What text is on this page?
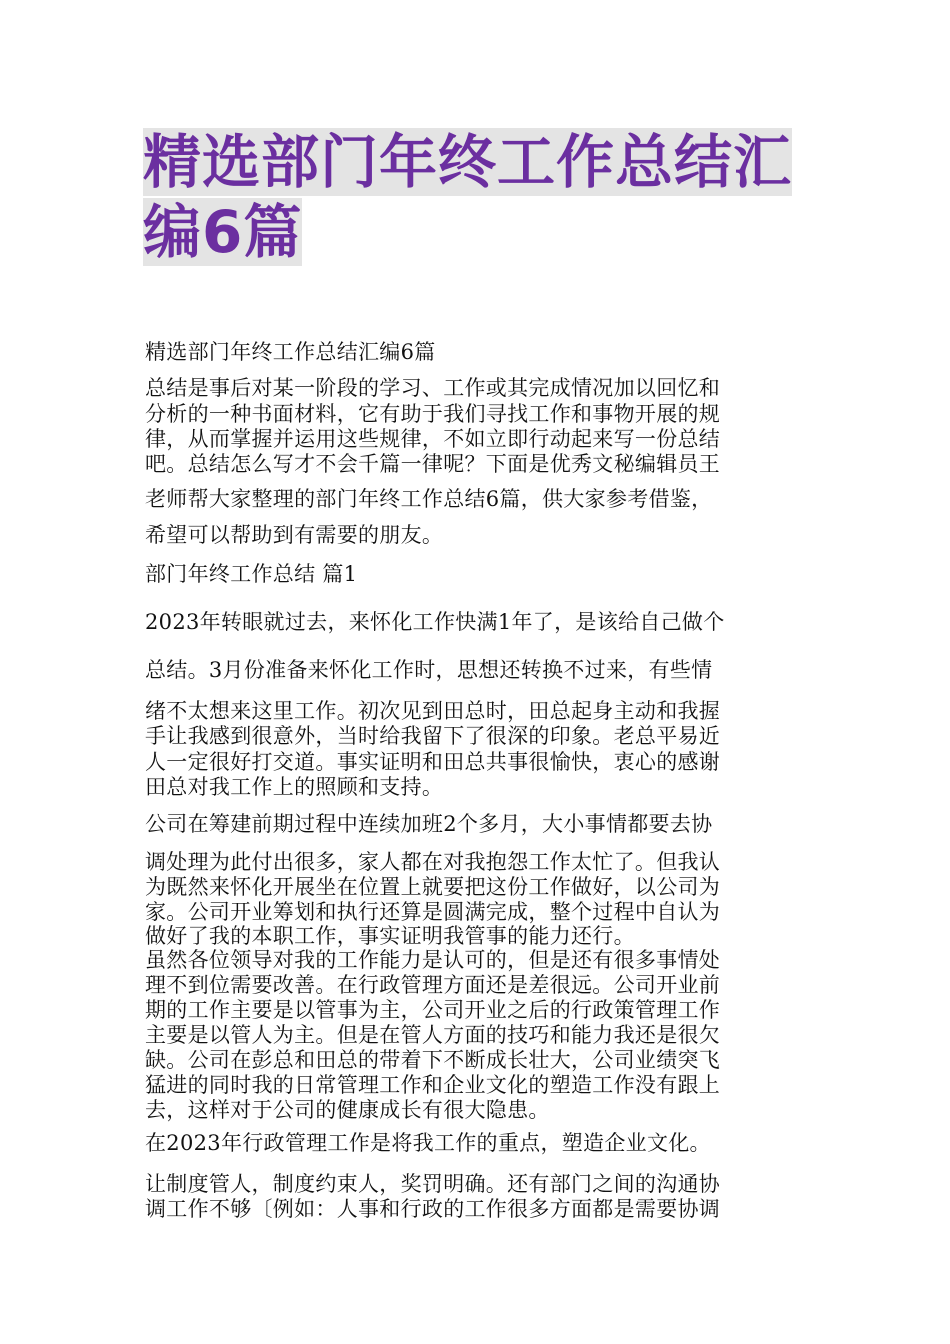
精选部门年终工作总结汇
编6篇
精选部门年终工作总结汇编6篇
总结是事后对某一阶段的学习、工作或其完成情况加以回忆和
分析的一种书面材料，它有助于我们寻找工作和事物开展的规
律，从而掌握并运用这些规律，不如立即行动起来写一份总结
吧。总结怎么写才不会千篇一律呢？下面是优秀文秘编辑员王
老师帮大家整理的部门年终工作总结6篇，供大家参考借鉴，
希望可以帮助到有需要的朋友。
部门年终工作总结 篇1
2023年转眼就过去，来怀化工作快满1年了，是该给自己做个
总结。3月份准备来怀化工作时，思想还转换不过来，有些情
绪不太想来这里工作。初次见到田总时，田总起身主动和我握
手让我感到很意外，当时给我留下了很深的印象。老总平易近
人一定很好打交道。事实证明和田总共事很愉快，衷心的感谢
田总对我工作上的照顾和支持。
公司在筹建前期过程中连续加班2个多月，大小事情都要去协
调处理为此付出很多，家人都在对我抱怨工作太忙了。但我认
为既然来怀化开展坐在位置上就要把这份工作做好，以公司为
家。公司开业筹划和执行还算是圆满完成，整个过程中自认为
做好了我的本职工作，事实证明我管事的能力还行。
虽然各位领导对我的工作能力是认可的，但是还有很多事情处
理不到位需要改善。在行政管理方面还是差很远。公司开业前
期的工作主要是以管事为主，公司开业之后的行政策管理工作
主要是以管人为主。但是在管人方面的技巧和能力我还是很欠
缺。公司在彭总和田总的带着下不断成长壮大，公司业绩突飞
猛进的同时我的日常管理工作和企业文化的塑造工作没有跟上
去，这样对于公司的健康成长有很大隐患。
在2023年行政管理工作是将我工作的重点，塑造企业文化。
让制度管人，制度约束人，奖罚明确。还有部门之间的沟通协
调工作不够〔例如：人事和行政的工作很多方面都是需要协调
